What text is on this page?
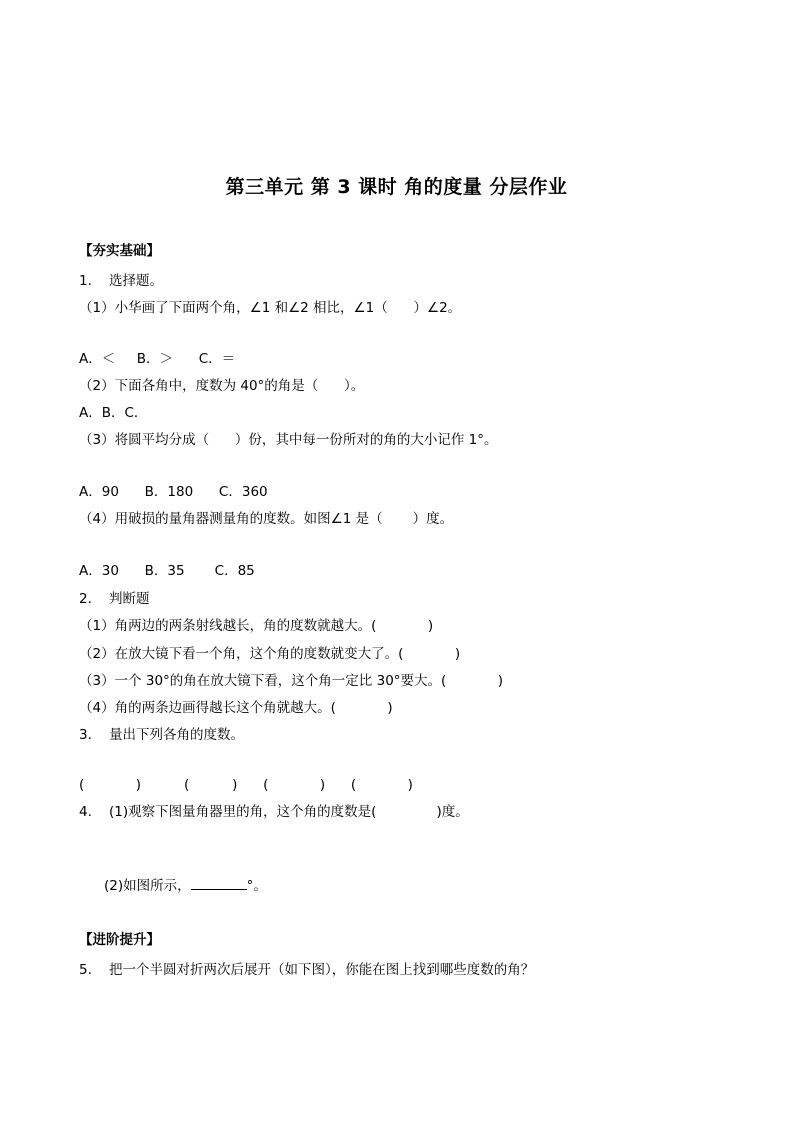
第三单元 第 3 课时 角的度量 分层作业
【夯实基础】
1.    选择题。
（1）小华画了下面两个角，∠1 和∠2 相比，∠1（      ）∠2。
A．＜     B．＞      C．＝
（2）下面各角中，度数为 40°的角是（      ）。
A．B．C．
（3）将圆平均分成（      ）份，其中每一份所对的角的大小记作 1°。
A．90      B．180      C．360
（4）用破损的量角器测量角的度数。如图∠1 是（       ）度。
A．30      B．35       C．85
2.    判断题
（1）角两边的两条射线越长，角的度数就越大。(            )
（2）在放大镜下看一个角，这个角的度数就变大了。(            )
（3）一个 30°的角在放大镜下看，这个角一定比 30°要大。(            )
（4）角的两条边画得越长这个角就越大。(            )
3.    量出下列各角的度数。
(            )          (          )      (            )      (            )
4.    (1)观察下图量角器里的角，这个角的度数是(              )度。
(2)如图所示，	°。
【进阶提升】
5.    把一个半圆对折两次后展开（如下图），你能在图上找到哪些度数的角？
